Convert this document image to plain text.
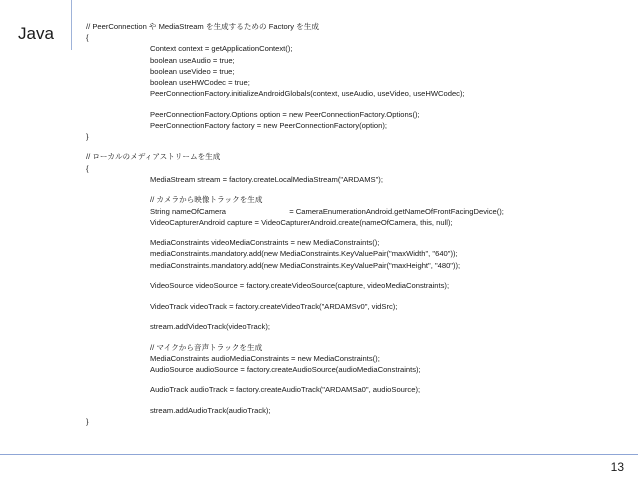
Java	// PeerConnection や MediaStream を生成するための Factory を生成
{
Context context = getApplicationContext();
boolean useAudio = true;
boolean useVideo = true;
boolean useHWCodec = true;
PeerConnectionFactory.initializeAndroidGlobals(context, useAudio, useVideo, useHWCodec);
PeerConnectionFactory.Options option = new PeerConnectionFactory.Options();
PeerConnectionFactory factory = new PeerConnectionFactory(option);
}
// ローカルのメディアストリームを生成
{
MediaStream stream = factory.createLocalMediaStream("ARDAMS");
// カメラから映像トラックを生成
String nameOfCamera                              = CameraEnumerationAndroid.getNameOfFrontFacingDevice();
VideoCapturerAndroid capture = VideoCapturerAndroid.create(nameOfCamera, this, null);
MediaConstraints videoMediaConstraints = new MediaConstraints();
mediaConstraints.mandatory.add(new MediaConstraints.KeyValuePair("maxWidth", "640"));
mediaConstraints.mandatory.add(new MediaConstraints.KeyValuePair("maxHeight", "480"));
VideoSource videoSource = factory.createVideoSource(capture, videoMediaConstraints);
VideoTrack videoTrack = factory.createVideoTrack("ARDAMSv0", vidSrc);
stream.addVideoTrack(videoTrack);
// マイクから音声トラックを生成
MediaConstraints audioMediaConstraints = new MediaConstraints();
AudioSource audioSource = factory.createAudioSource(audioMediaConstraints);
AudioTrack audioTrack = factory.createAudioTrack("ARDAMSa0", audioSource);
stream.addAudioTrack(audioTrack);
}
13
